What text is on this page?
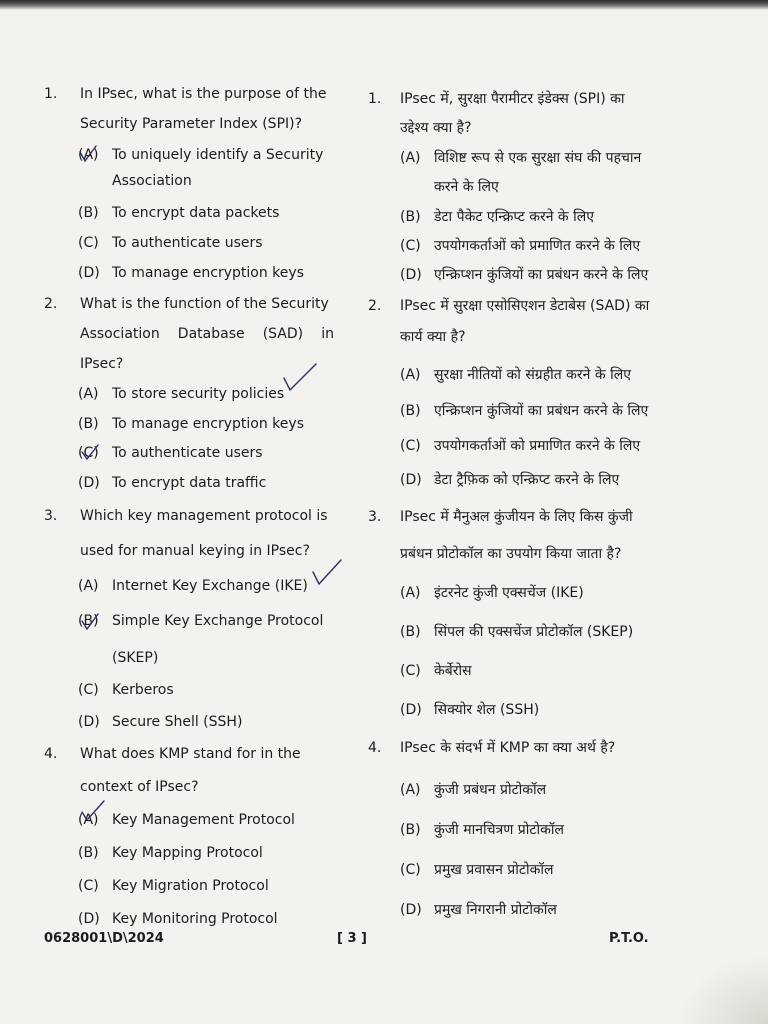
1. In IPsec, what is the purpose of the
Security Parameter Index (SPI)?
(A) To uniquely identify a Security
Association
(B) To encrypt data packets
(C) To authenticate users
(D) To manage encryption keys
2. What is the function of the Security
Association Database (SAD) in
IPsec?
(A) To store security policies
(B) To manage encryption keys
(C) To authenticate users
(D) To encrypt data traffic
3. Which key management protocol is
used for manual keying in IPsec?
(A) Internet Key Exchange (IKE)
(B) Simple Key Exchange Protocol
(SKEP)
(C) Kerberos
(D) Secure Shell (SSH)
4. What does KMP stand for in the
context of IPsec?
(A) Key Management Protocol
(B) Key Mapping Protocol
(C) Key Migration Protocol
(D) Key Monitoring Protocol
1. IPsec में, सुरक्षा पैरामीटर इंडेक्स (SPI) का
उद्देश्य क्या है?
(A) विशिष्ट रूप से एक सुरक्षा संघ की पहचान
करने के लिए
(B) डेटा पैकेट एन्क्रिप्ट करने के लिए
(C) उपयोगकर्ताओं को प्रमाणित करने के लिए
(D) एन्क्रिप्शन कुंजियों का प्रबंधन करने के लिए
2. IPsec में सुरक्षा एसोसिएशन डेटाबेस (SAD) का
कार्य क्या है?
(A) सुरक्षा नीतियों को संग्रहीत करने के लिए
(B) एन्क्रिप्शन कुंजियों का प्रबंधन करने के लिए
(C) उपयोगकर्ताओं को प्रमाणित करने के लिए
(D) डेटा ट्रैफ़िक को एन्क्रिप्ट करने के लिए
3. IPsec में मैनुअल कुंजीयन के लिए किस कुंजी
प्रबंधन प्रोटोकॉल का उपयोग किया जाता है?
(A) इंटरनेट कुंजी एक्सचेंज (IKE)
(B) सिंपल की एक्सचेंज प्रोटोकॉल (SKEP)
(C) केर्बेरोस
(D) सिक्योर शेल (SSH)
4. IPsec के संदर्भ में KMP का क्या अर्थ है?
(A) कुंजी प्रबंधन प्रोटोकॉल
(B) कुंजी मानचित्रण प्रोटोकॉल
(C) प्रमुख प्रवासन प्रोटोकॉल
(D) प्रमुख निगरानी प्रोटोकॉल
0628001\D\2024	[ 3 ]	P.T.O.
